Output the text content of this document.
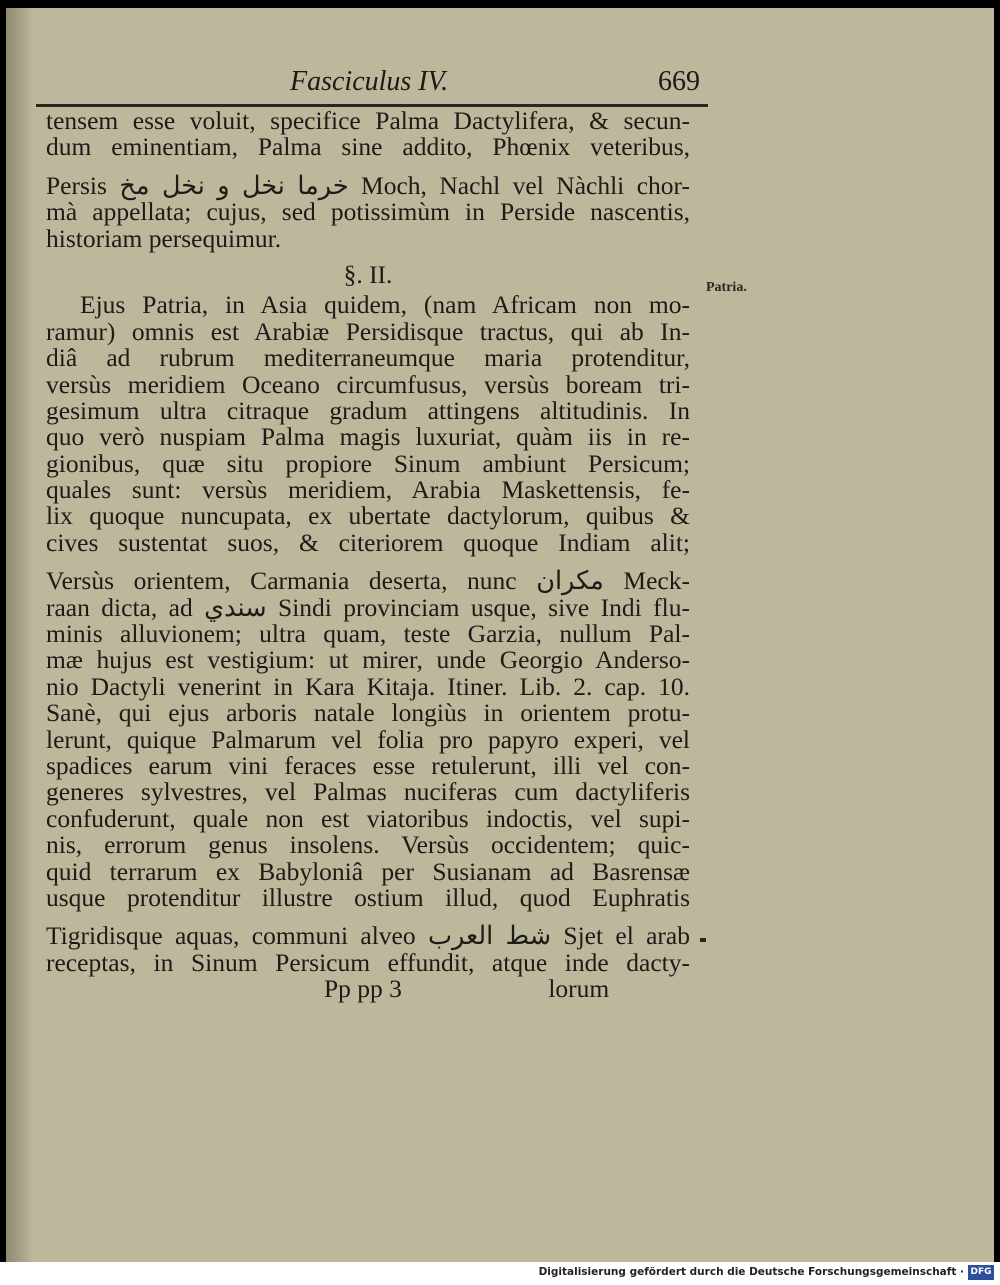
Fasciculus IV.	669
tensem esse voluit, specifice Palma Dactylifera, & secun-
dum eminentiam, Palma sine addito, Phœnix veteribus,
Persis خرما نخل و نخل مخ Moch, Nachl vel Nàchli chor-
mà appellata; cujus, sed potissimùm in Perside nascentis,
historiam persequimur.
§. II.
Ejus Patria, in Asia quidem, (nam Africam non mo-
ramur) omnis est Arabiæ Persidisque tractus, qui ab In-
diâ ad rubrum mediterraneumque maria protenditur,
versùs meridiem Oceano circumfusus, versùs boream tri-
gesimum ultra citraque gradum attingens altitudinis. In
quo verò nuspiam Palma magis luxuriat, quàm iis in re-
gionibus, quæ situ propiore Sinum ambiunt Persicum;
quales sunt: versùs meridiem, Arabia Maskettensis, fe-
lix quoque nuncupata, ex ubertate dactylorum, quibus &
cives sustentat suos, & citeriorem quoque Indiam alit;
Versùs orientem, Carmania deserta, nunc مكران Meck-
raan dicta, ad سندي Sindi provinciam usque, sive Indi flu-
minis alluvionem; ultra quam, teste Garzia, nullum Pal-
mæ hujus est vestigium: ut mirer, unde Georgio Anderso-
nio Dactyli venerint in Kara Kitaja. Itiner. Lib. 2. cap. 10.
Sanè, qui ejus arboris natale longiùs in orientem protu-
lerunt, quique Palmarum vel folia pro papyro experi, vel
spadices earum vini feraces esse retulerunt, illi vel con-
generes sylvestres, vel Palmas nuciferas cum dactyliferis
confuderunt, quale non est viatoribus indoctis, vel supi-
nis, errorum genus insolens. Versùs occidentem; quic-
quid terrarum ex Babyloniâ per Susianam ad Basrensæ
usque protenditur illustre ostium illud, quod Euphratis
Tigridisque aquas, communi alveo شط العرب Sjet el arab
receptas, in Sinum Persicum effundit, atque inde dacty-
Pp pp 3	lorum
Patria.
Digitalisierung gefördert durch die Deutsche Forschungsgemeinschaft · DFG
